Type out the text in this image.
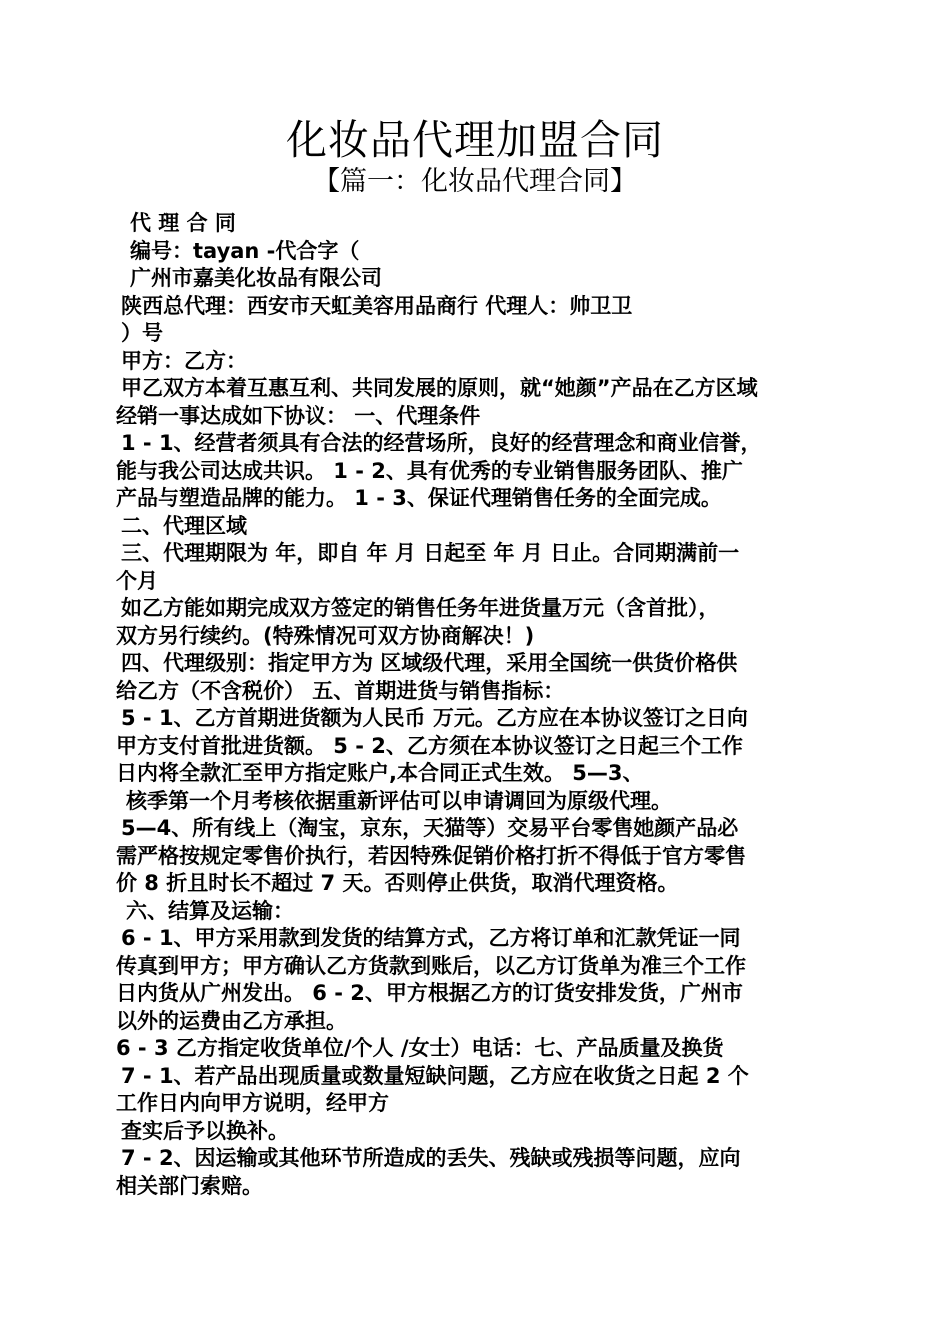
化妆品代理加盟合同
【篇一：化妆品代理合同】
代 理 合 同
编号：tayan -代合字（
广州市嘉美化妆品有限公司
陕西总代理：西安市天虹美容用品商行 代理人：帅卫卫
）号
甲方：乙方：
甲乙双方本着互惠互利、共同发展的原则，就“她颜”产品在乙方区域
经销一事达成如下协议： 一、代理条件
1 - 1、经营者须具有合法的经营场所，良好的经营理念和商业信誉，
能与我公司达成共识。 1 - 2、具有优秀的专业销售服务团队、推广
产品与塑造品牌的能力。 1 - 3、保证代理销售任务的全面完成。
二、代理区域
三、代理期限为 年，即自 年 月 日起至 年 月 日止。合同期满前一
个月
如乙方能如期完成双方签定的销售任务年进货量万元（含首批），
双方另行续约。(特殊情况可双方协商解决！)
四、代理级别：指定甲方为 区域级代理，采用全国统一供货价格供
给乙方（不含税价） 五、首期进货与销售指标：
5 - 1、乙方首期进货额为人民币 万元。乙方应在本协议签订之日向
甲方支付首批进货额。 5 - 2、乙方须在本协议签订之日起三个工作
日内将全款汇至甲方指定账户,本合同正式生效。 5—3、
核季第一个月考核依据重新评估可以申请调回为原级代理。
5—4、所有线上（淘宝，京东，天猫等）交易平台零售她颜产品必
需严格按规定零售价执行，若因特殊促销价格打折不得低于官方零售
价 8 折且时长不超过 7 天。否则停止供货，取消代理资格。
六、结算及运输：
6 - 1、甲方采用款到发货的结算方式，乙方将订单和汇款凭证一同
传真到甲方；甲方确认乙方货款到账后，以乙方订货单为准三个工作
日内货从广州发出。 6 - 2、甲方根据乙方的订货安排发货，广州市
以外的运费由乙方承担。
6 - 3 乙方指定收货单位/个人 /女士）电话：七、产品质量及换货
7 - 1、若产品出现质量或数量短缺问题，乙方应在收货之日起 2 个
工作日内向甲方说明，经甲方
查实后予以换补。
7 - 2、因运输或其他环节所造成的丢失、残缺或残损等问题，应向
相关部门索赔。
